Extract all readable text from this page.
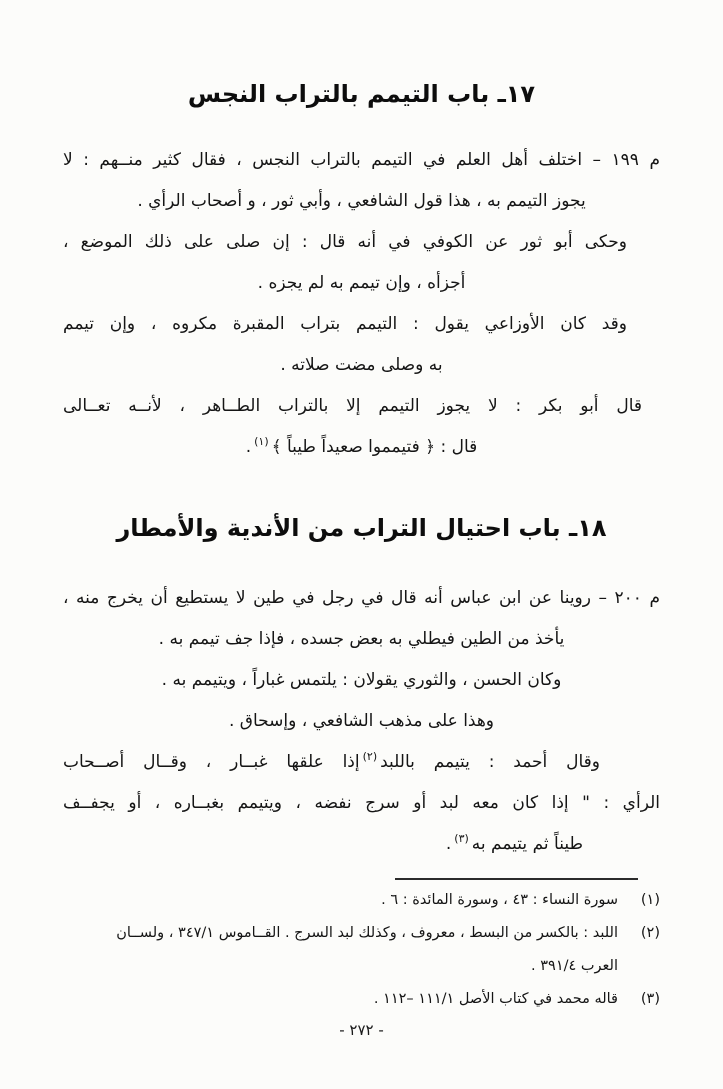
١٧ـ باب التيمم بالتراب النجس
م ١٩٩ – اختلف أهل العلم في التيمم بالتراب النجس ، فقال كثير منــهم : لا
يجوز التيمم به ، هذا قول الشافعي ، وأبي ثور ، و أصحاب الرأي .
وحكى أبو ثور عن الكوفي في أنه قال : إن صلى على ذلك الموضع ،
أجزأه ، وإن تيمم به لم يجزه .
وقد كان الأوزاعي يقول : التيمم بتراب المقبرة مكروه ، وإن تيمم
به وصلى مضت صلاته .
قال أبو بكر : لا يجوز التيمم إلا بالتراب الطــاهر ، لأنــه تعــالى
قال : ﴿ فتيمموا صعيداً طيباً ﴾$^{(١)}$.
١٨ـ باب احتيال التراب من الأندية والأمطار
م ٢٠٠ – روينا عن ابن عباس أنه قال في رجل في طين لا يستطيع أن يخرج منه ،
يأخذ من الطين فيطلي به بعض جسده ، فإذا جف تيمم به .
وكان الحسن ، والثوري يقولان : يلتمس غباراً ، ويتيمم به .
وهذا على مذهب الشافعي ، وإسحاق .
وقال أحمد : يتيمم باللبد$^{(٢)}$إذا علقها غبــار ، وقــال أصــحاب
الرأي : " إذا كان معه لبد أو سرج نفضه ، ويتيمم بغبــاره ، أو يجفــف
طيناً ثم يتيمم به$^{(٣)}$.
(١)
سورة النساء : ٤٣ ، وسورة المائدة : ٦ .
(٢)
اللبد : بالكسر من البسط ، معروف ، وكذلك لبد السرج . القــاموس ٣٤٧/١ ، ولســان
العرب ٣٩١/٤ .
(٣)
قاله محمد في كتاب الأصل ١١١/١ –١١٢ .
- ٢٧٢ -
